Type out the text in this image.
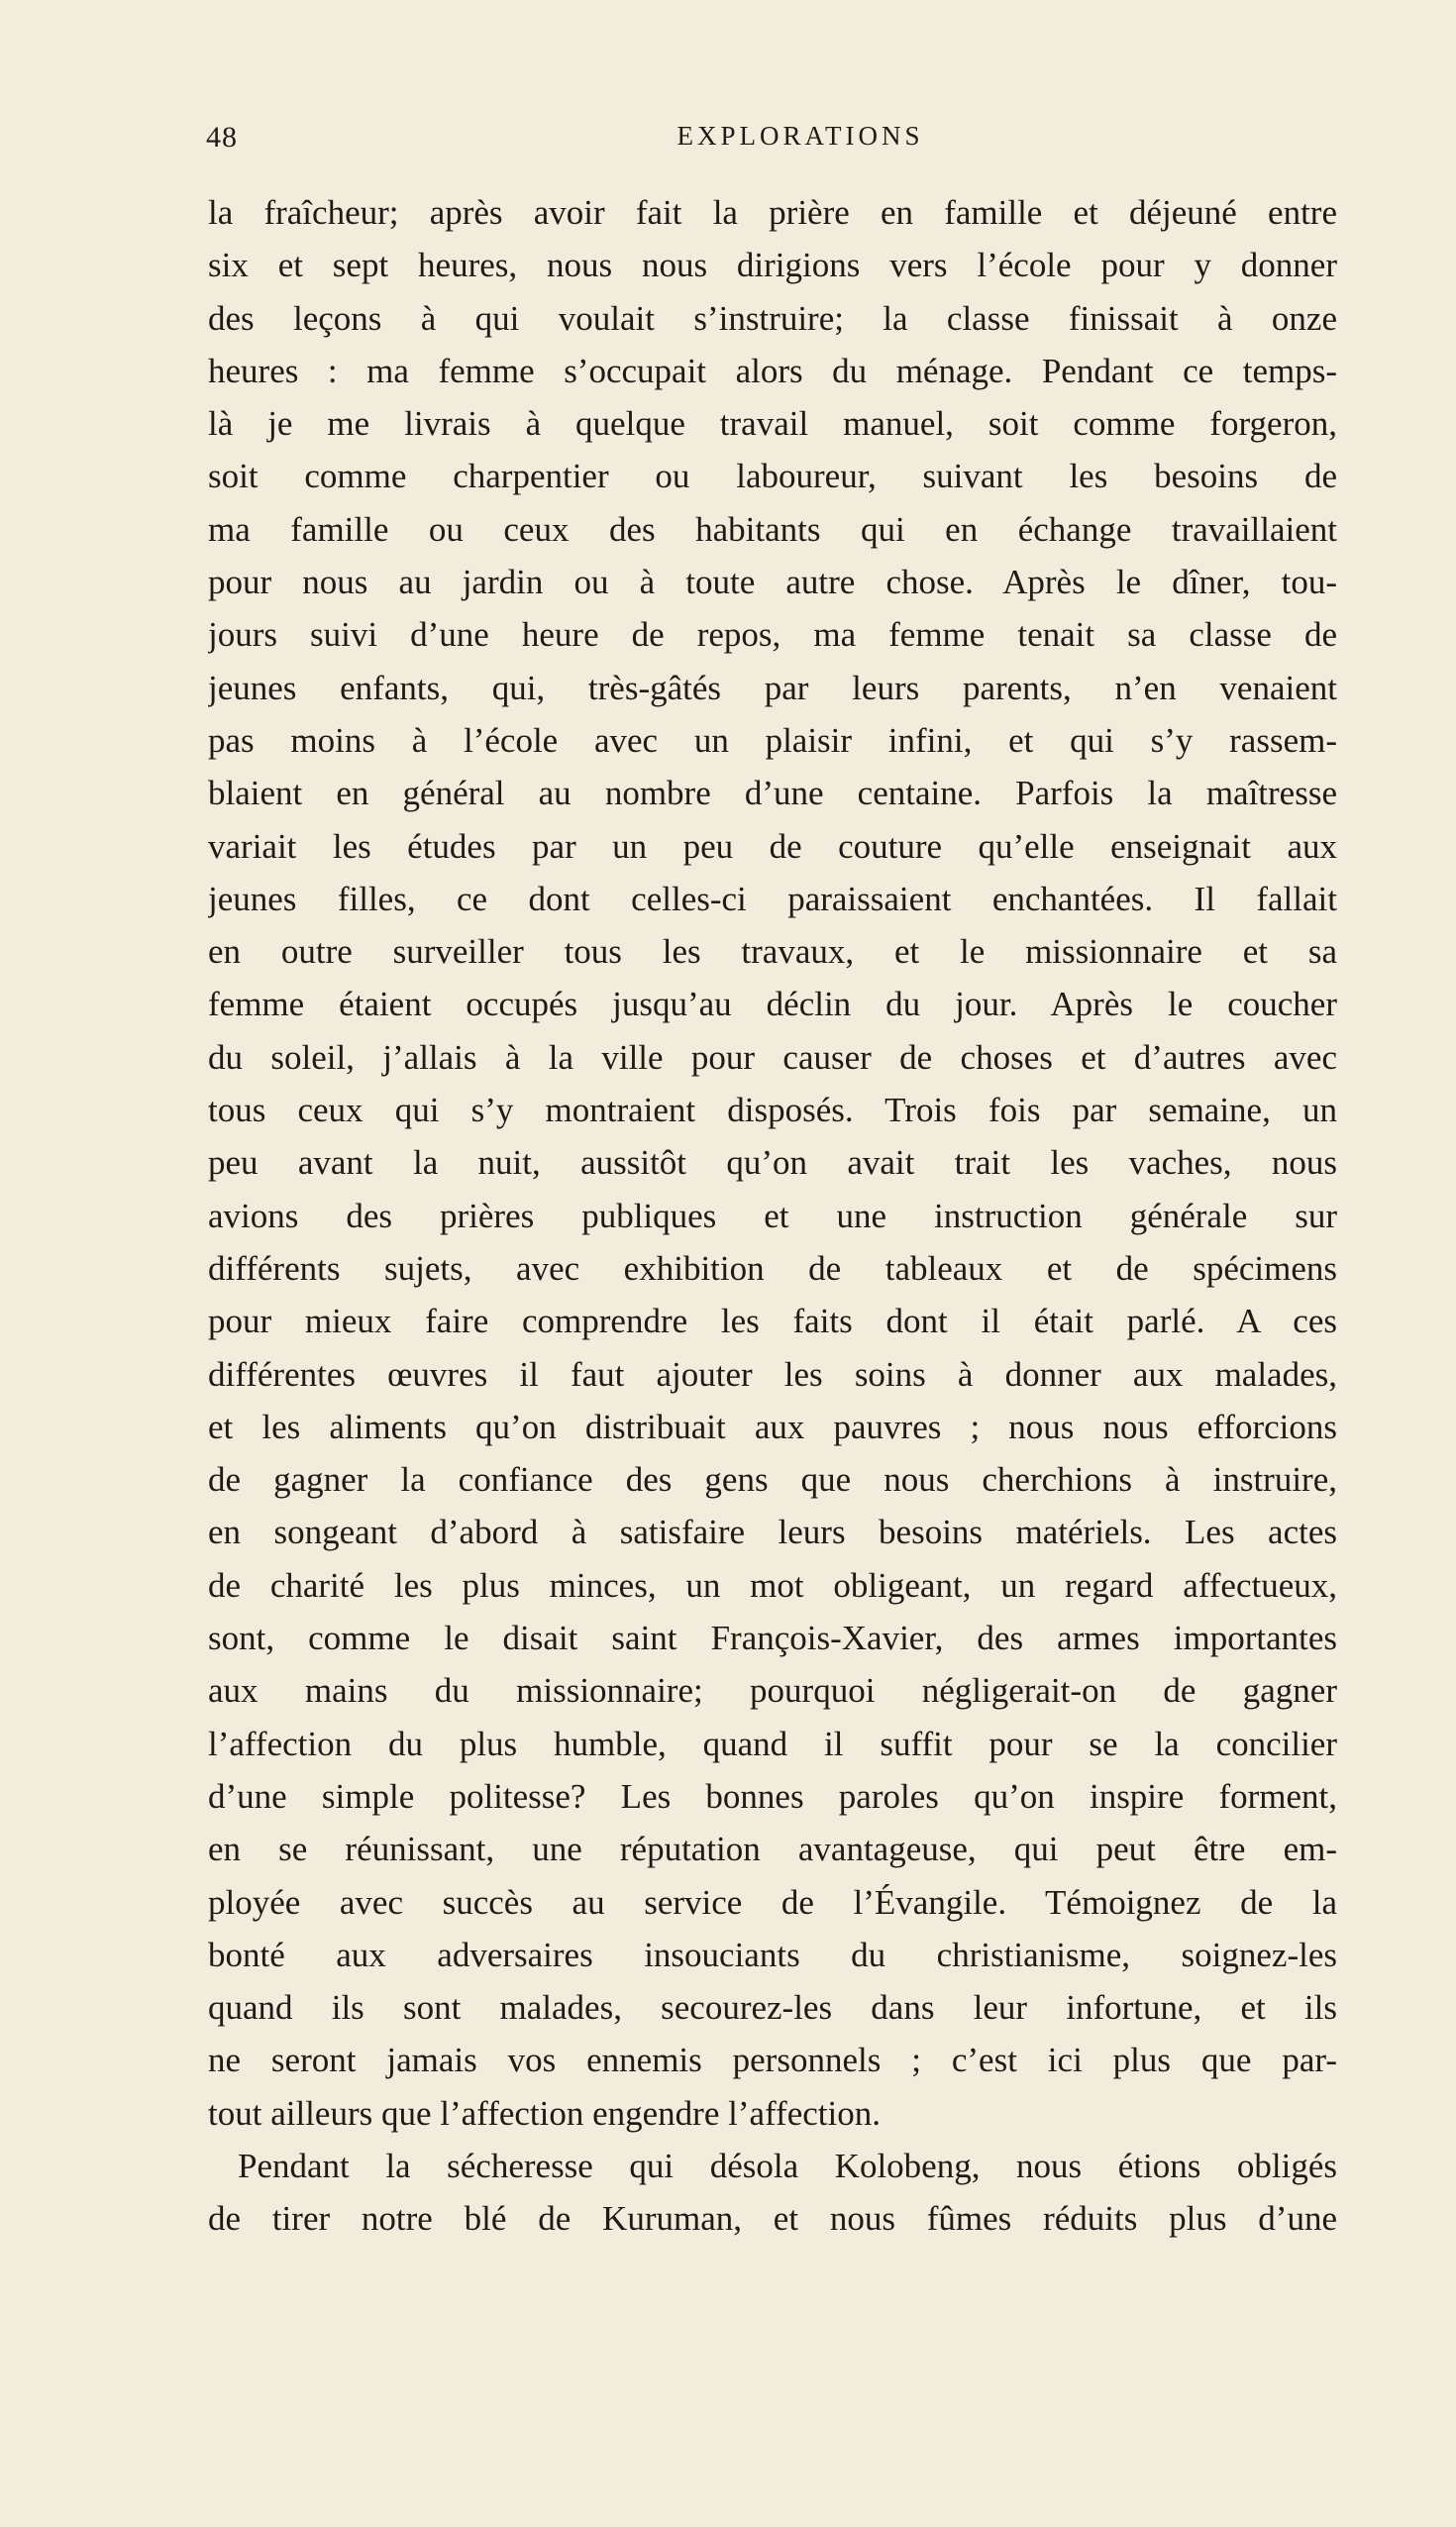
48	EXPLORATIONS
la fraîcheur; après avoir fait la prière en famille et déjeuné entre
six et sept heures, nous nous dirigions vers l’école pour y donner
des leçons à qui voulait s’instruire; la classe finissait à onze
heures : ma femme s’occupait alors du ménage. Pendant ce temps-
là je me livrais à quelque travail manuel, soit comme forgeron,
soit comme charpentier ou laboureur, suivant les besoins de
ma famille ou ceux des habitants qui en échange travaillaient
pour nous au jardin ou à toute autre chose. Après le dîner, tou-
jours suivi d’une heure de repos, ma femme tenait sa classe de
jeunes enfants, qui, très-gâtés par leurs parents, n’en venaient
pas moins à l’école avec un plaisir infini, et qui s’y rassem-
blaient en général au nombre d’une centaine. Parfois la maîtresse
variait les études par un peu de couture qu’elle enseignait aux
jeunes filles, ce dont celles-ci paraissaient enchantées. Il fallait
en outre surveiller tous les travaux, et le missionnaire et sa
femme étaient occupés jusqu’au déclin du jour. Après le coucher
du soleil, j’allais à la ville pour causer de choses et d’autres avec
tous ceux qui s’y montraient disposés. Trois fois par semaine, un
peu avant la nuit, aussitôt qu’on avait trait les vaches, nous
avions des prières publiques et une instruction générale sur
différents sujets, avec exhibition de tableaux et de spécimens
pour mieux faire comprendre les faits dont il était parlé. A ces
différentes œuvres il faut ajouter les soins à donner aux malades,
et les aliments qu’on distribuait aux pauvres ; nous nous efforcions
de gagner la confiance des gens que nous cherchions à instruire,
en songeant d’abord à satisfaire leurs besoins matériels. Les actes
de charité les plus minces, un mot obligeant, un regard affectueux,
sont, comme le disait saint François-Xavier, des armes importantes
aux mains du missionnaire; pourquoi négligerait-on de gagner
l’affection du plus humble, quand il suffit pour se la concilier
d’une simple politesse? Les bonnes paroles qu’on inspire forment,
en se réunissant, une réputation avantageuse, qui peut être em-
ployée avec succès au service de l’Évangile. Témoignez de la
bonté aux adversaires insouciants du christianisme, soignez-les
quand ils sont malades, secourez-les dans leur infortune, et ils
ne seront jamais vos ennemis personnels ; c’est ici plus que par-
tout ailleurs que l’affection engendre l’affection.
Pendant la sécheresse qui désola Kolobeng, nous étions obligés
de tirer notre blé de Kuruman, et nous fûmes réduits plus d’une
